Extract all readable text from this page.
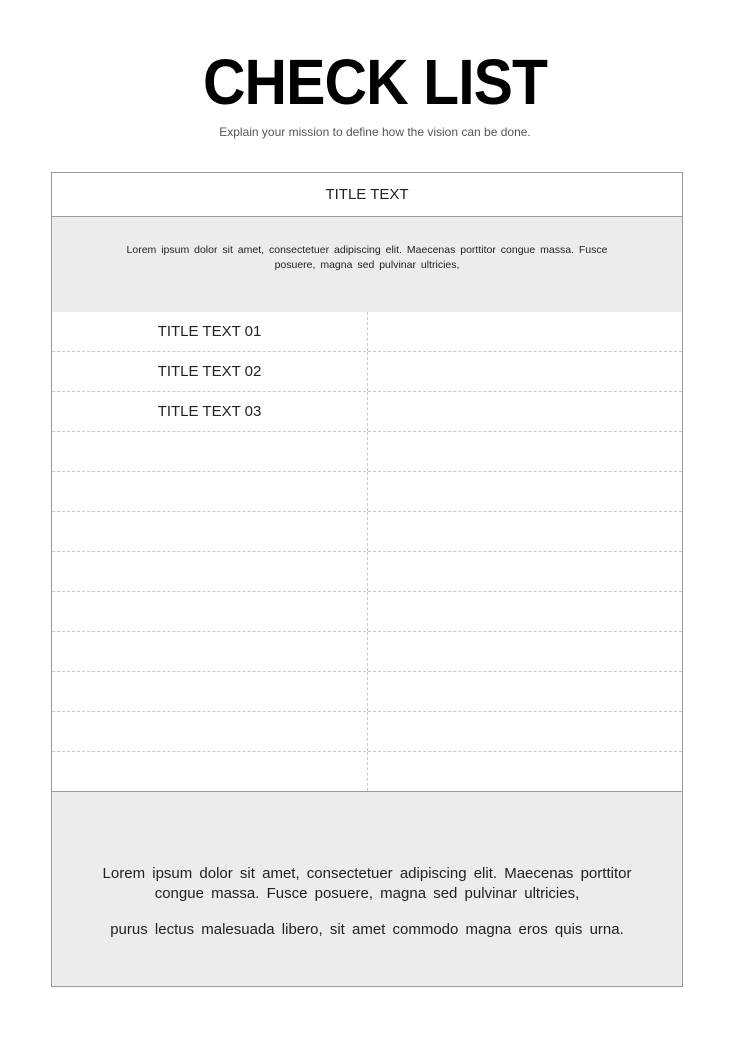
CHECK LIST
Explain your mission to define how the vision can be done.
TITLE TEXT
Lorem ipsum dolor sit amet, consectetuer adipiscing elit. Maecenas porttitor congue massa. Fusce posuere, magna sed pulvinar ultricies,
TITLE TEXT 01
TITLE TEXT 02
TITLE TEXT 03
Lorem ipsum dolor sit amet, consectetuer adipiscing elit. Maecenas porttitor congue massa. Fusce posuere, magna sed pulvinar ultricies,
purus lectus malesuada libero, sit amet commodo magna eros quis urna.
